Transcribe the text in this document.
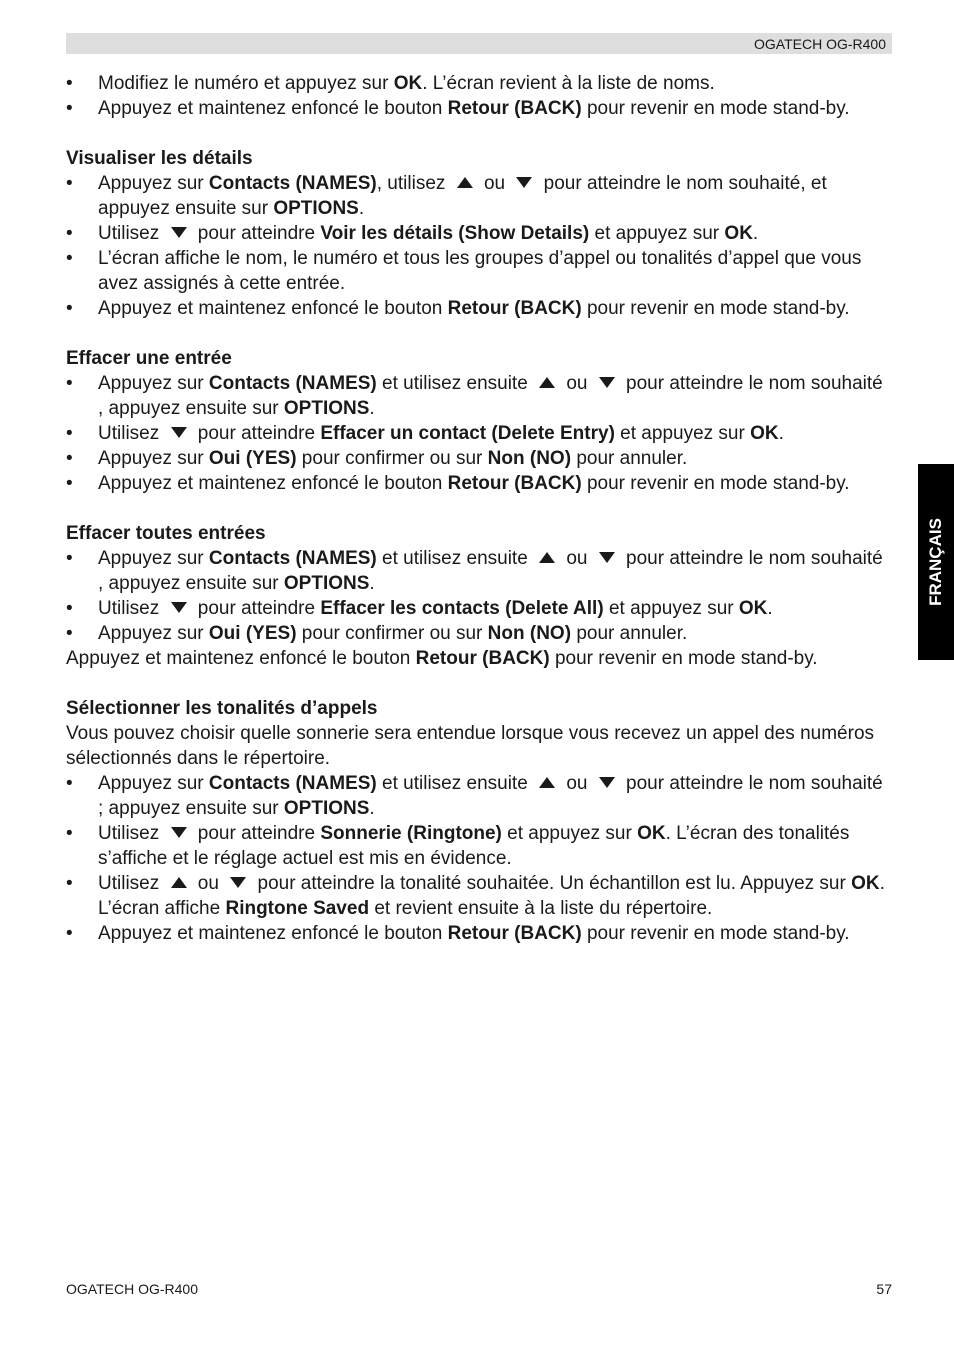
OGATECH OG-R400
FRANÇAIS
• Modifiez le numéro et appuyez sur OK. L’écran revient à la liste de noms.
• Appuyez et maintenez enfoncé le bouton Retour (BACK) pour revenir en mode stand-by.
Visualiser les détails
• Appuyez sur Contacts (NAMES), utilisez  ou  pour atteindre le nom souhaité, et appuyez ensuite sur OPTIONS.
• Utilisez  pour atteindre Voir les détails (Show Details) et appuyez sur OK.
• L’écran affiche le nom, le numéro et tous les groupes d’appel ou tonalités d’appel que vous avez assignés à cette entrée.
• Appuyez et maintenez enfoncé le bouton Retour (BACK) pour revenir en mode stand-by.
Effacer une entrée
• Appuyez sur Contacts (NAMES) et utilisez ensuite  ou  pour atteindre le nom souhaité , appuyez ensuite sur OPTIONS.
• Utilisez  pour atteindre Effacer un contact (Delete Entry) et appuyez sur OK.
• Appuyez sur Oui (YES) pour confirmer ou sur Non (NO) pour annuler.
• Appuyez et maintenez enfoncé le bouton Retour (BACK) pour revenir en mode stand-by.
Effacer toutes entrées
• Appuyez sur Contacts (NAMES) et utilisez ensuite  ou  pour atteindre le nom souhaité , appuyez ensuite sur OPTIONS.
• Utilisez  pour atteindre Effacer les contacts (Delete All) et appuyez sur OK.
• Appuyez sur Oui (YES) pour confirmer ou sur Non (NO) pour annuler.
Appuyez et maintenez enfoncé le bouton Retour (BACK) pour revenir en mode stand-by.
Sélectionner les tonalités d’appels
Vous pouvez choisir quelle sonnerie sera entendue lorsque vous recevez un appel des numéros sélectionnés dans le répertoire.
• Appuyez sur Contacts (NAMES) et utilisez ensuite  ou  pour atteindre le nom souhaité ; appuyez ensuite sur OPTIONS.
• Utilisez  pour atteindre Sonnerie (Ringtone) et appuyez sur OK. L’écran des tonalités s’affiche et le réglage actuel est mis en évidence.
• Utilisez  ou  pour atteindre la tonalité souhaitée. Un échantillon est lu. Appuyez sur OK. L’écran affiche Ringtone Saved et revient ensuite à la liste du répertoire.
• Appuyez et maintenez enfoncé le bouton Retour (BACK) pour revenir en mode stand-by.
OGATECH OG-R400	57
